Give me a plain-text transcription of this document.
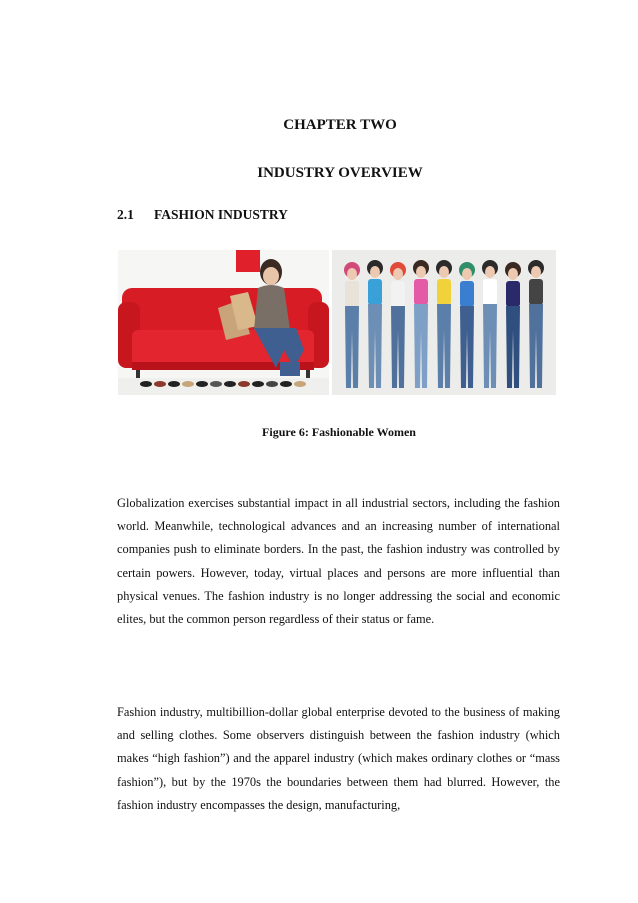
CHAPTER TWO
INDUSTRY OVERVIEW
2.1 FASHION INDUSTRY
Figure 6: Fashionable Women

Globalization exercises substantial impact in all industrial sectors, including the fashion world. Meanwhile, technological advances and an increasing number of international companies push to eliminate borders. In the past, the fashion industry was controlled by certain powers. However, today, virtual places and persons are more influential than physical venues. The fashion industry is no longer addressing the social and economic elites, but the common person regardless of their status or fame.

Fashion industry, multibillion-dollar global enterprise devoted to the business of making and selling clothes. Some observers distinguish between the fashion industry (which makes “high fashion”) and the apparel industry (which makes ordinary clothes or “mass fashion”), but by the 1970s the boundaries between them had blurred. However, the fashion industry encompasses the design, manufacturing,
